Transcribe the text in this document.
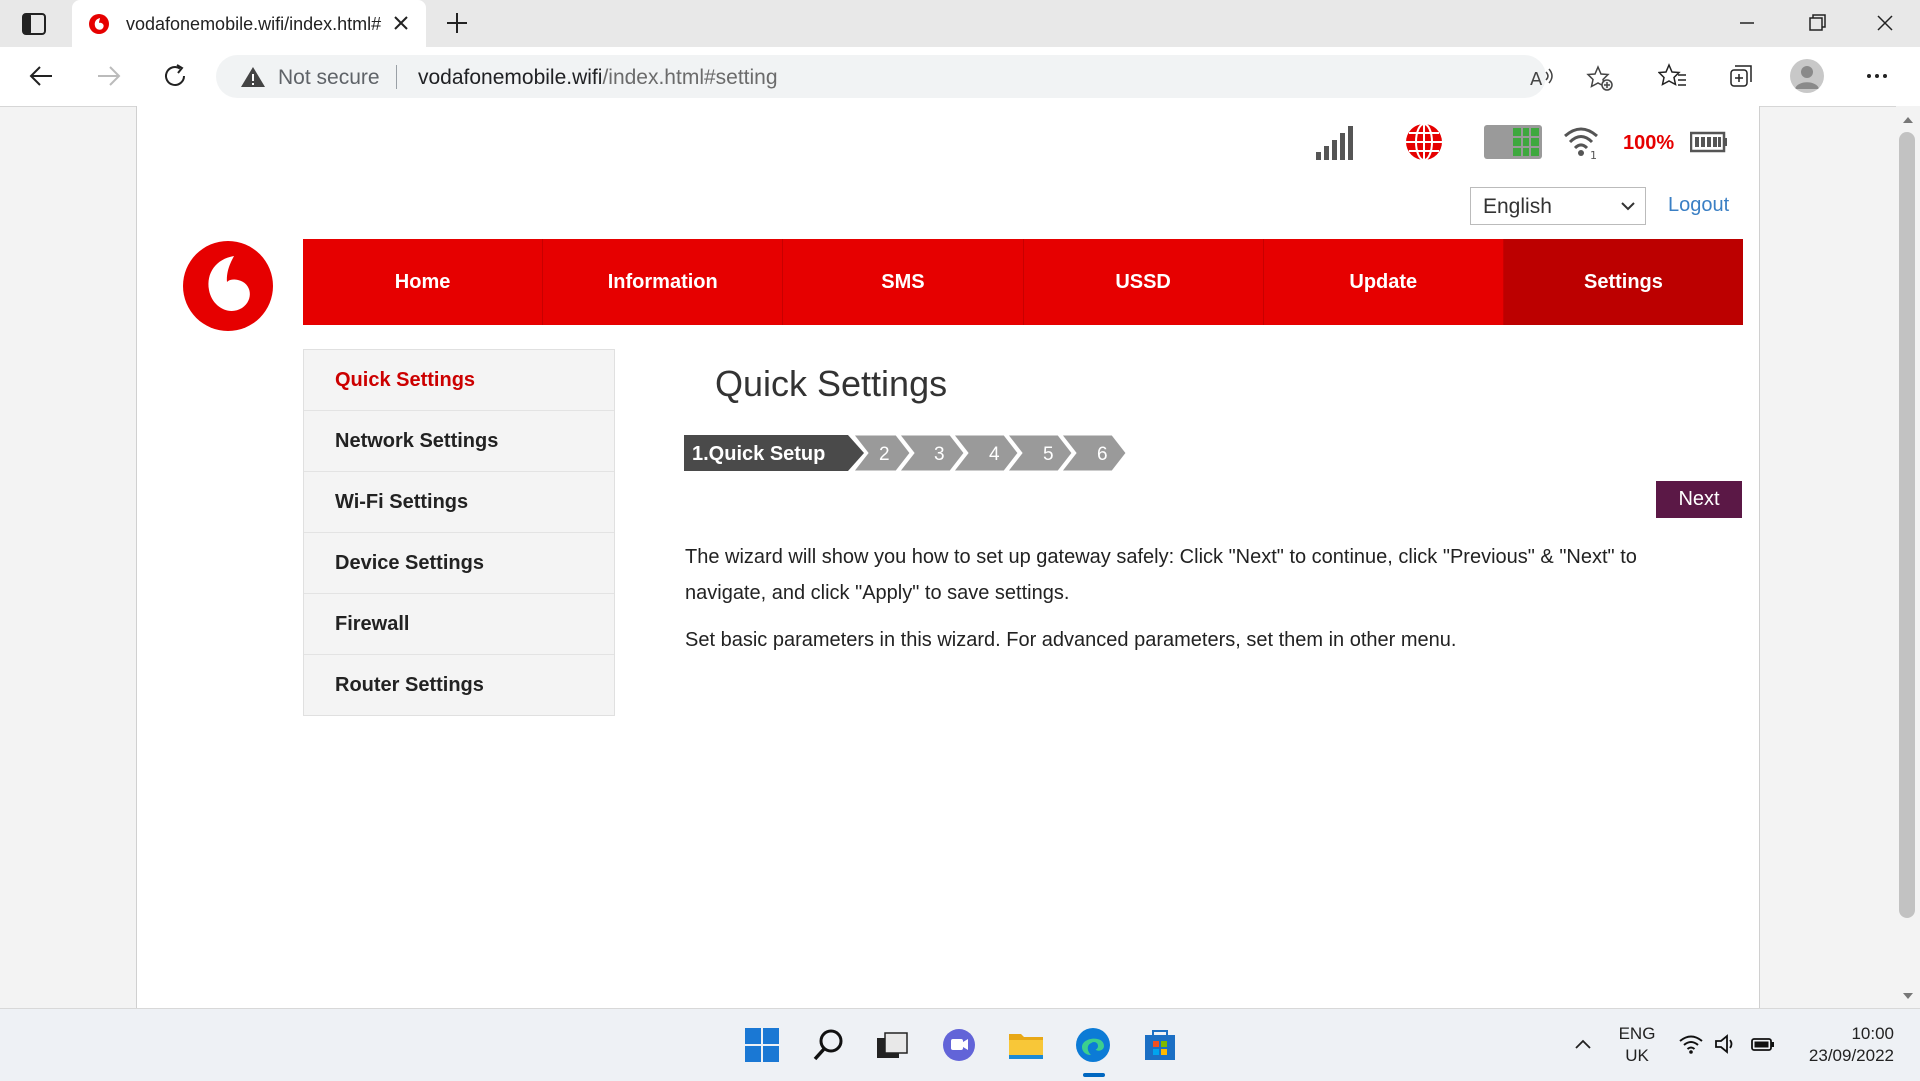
vodafonemobile.wifi/index.html#
Not secure vodafonemobile.wifi/index.html#setting	A
1
100%
English	Logout
Home	Information	SMS	USSD	Update	Settings
Quick Settings
Network Settings
Wi-Fi Settings
Device Settings
Firewall
Router Settings
Quick Settings
1.Quick Setup	2 3 4 5 6
Next
The wizard will show you how to set up gateway safely: Click "Next" to continue, click "Previous" & "Next" to navigate, and click "Apply" to save settings.
Set basic parameters in this wizard. For advanced parameters, set them in other menu.
ENG
UK
10:00
23/09/2022
